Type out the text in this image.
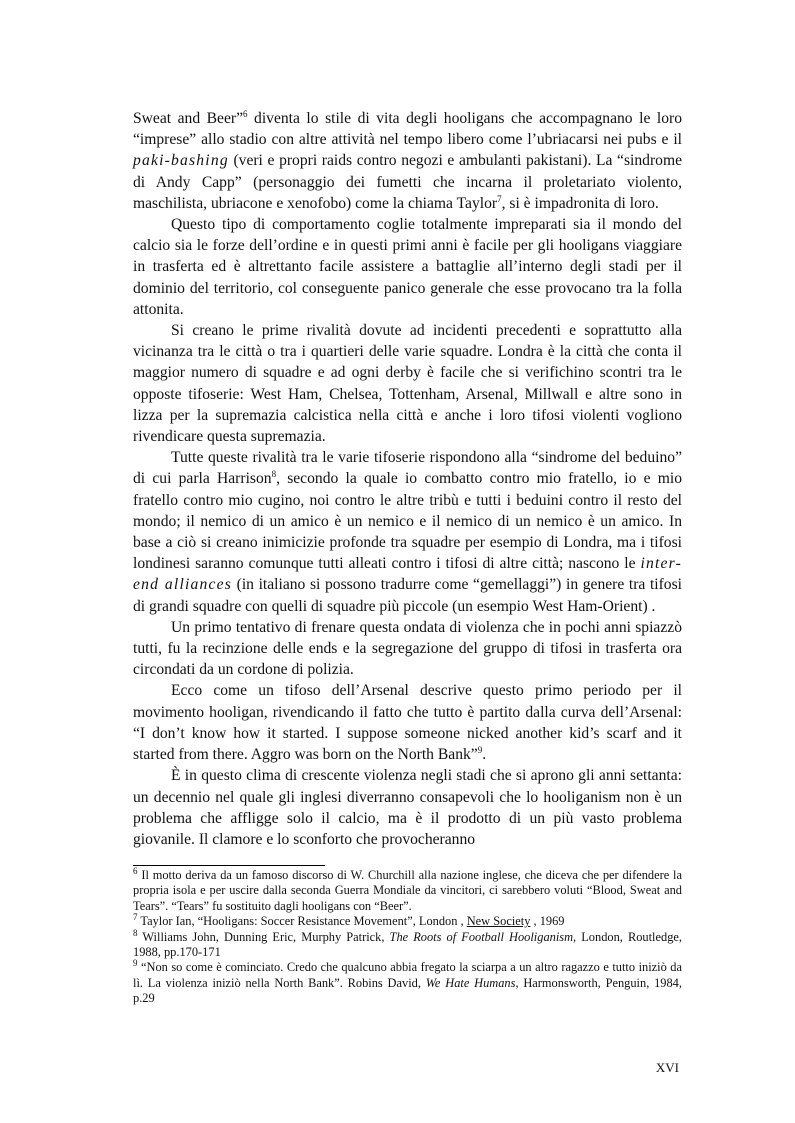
Sweat and Beer”$^6$ diventa lo stile di vita degli hooligans che accompagnano le loro “imprese” allo stadio con altre attività nel tempo libero come l’ubriacarsi nei pubs e il paki-bashing (veri e propri raids contro negozi e ambulanti pakistani). La “sindrome di Andy Capp” (personaggio dei fumetti che incarna il proletariato violento, maschilista, ubriacone e xenofobo) come la chiama Taylor$^7$, si è impadronita di loro.

Questo tipo di comportamento coglie totalmente impreparati sia il mondo del calcio sia le forze dell’ordine e in questi primi anni è facile per gli hooligans viaggiare in trasferta ed è altrettanto facile assistere a battaglie all’interno degli stadi per il dominio del territorio, col conseguente panico generale che esse provocano tra la folla attonita.

Si creano le prime rivalità dovute ad incidenti precedenti e soprattutto alla vicinanza tra le città o tra i quartieri delle varie squadre. Londra è la città che conta il maggior numero di squadre e ad ogni derby è facile che si verifichino scontri tra le opposte tifoserie: West Ham, Chelsea, Tottenham, Arsenal, Millwall e altre sono in lizza per la supremazia calcistica nella città e anche i loro tifosi violenti vogliono rivendicare questa supremazia.

Tutte queste rivalità tra le varie tifoserie rispondono alla “sindrome del beduino” di cui parla Harrison$^8$, secondo la quale io combatto contro mio fratello, io e mio fratello contro mio cugino, noi contro le altre tribù e tutti i beduini contro il resto del mondo; il nemico di un amico è un nemico e il nemico di un nemico è un amico. In base a ciò si creano inimicizie profonde tra squadre per esempio di Londra, ma i tifosi londinesi saranno comunque tutti alleati contro i tifosi di altre città; nascono le inter-end alliances (in italiano si possono tradurre come “gemellaggi”) in genere tra tifosi di grandi squadre con quelli di squadre più piccole (un esempio West Ham-Orient) .

Un primo tentativo di frenare questa ondata di violenza che in pochi anni spiazzò tutti, fu la recinzione delle ends e la segregazione del gruppo di tifosi in trasferta ora circondati da un cordone di polizia.

Ecco come un tifoso dell’Arsenal descrive questo primo periodo per il movimento hooligan, rivendicando il fatto che tutto è partito dalla curva dell’Arsenal: “I don’t know how it started. I suppose someone nicked another kid’s scarf and it started from there. Aggro was born on the North Bank”$^9$.

È in questo clima di crescente violenza negli stadi che si aprono gli anni settanta: un decennio nel quale gli inglesi diverranno consapevoli che lo hooliganism non è un problema che affligge solo il calcio, ma è il prodotto di un più vasto problema giovanile. Il clamore e lo sconforto che provocheranno

$^6$ Il motto deriva da un famoso discorso di W. Churchill alla nazione inglese, che diceva che per difendere la propria isola e per uscire dalla seconda Guerra Mondiale da vincitori, ci sarebbero voluti “Blood, Sweat and Tears”. “Tears” fu sostituito dagli hooligans con “Beer”.

$^7$ Taylor Ian, “Hooligans: Soccer Resistance Movement”, London , New Society , 1969

$^8$ Williams John, Dunning Eric, Murphy Patrick, The Roots of Football Hooliganism, London, Routledge, 1988, pp.170-171

$^9$ “Non so come è cominciato. Credo che qualcuno abbia fregato la sciarpa a un altro ragazzo e tutto iniziò da lì. La violenza iniziò nella North Bank”. Robins David, We Hate Humans, Harmonsworth, Penguin, 1984, p.29

XVI
